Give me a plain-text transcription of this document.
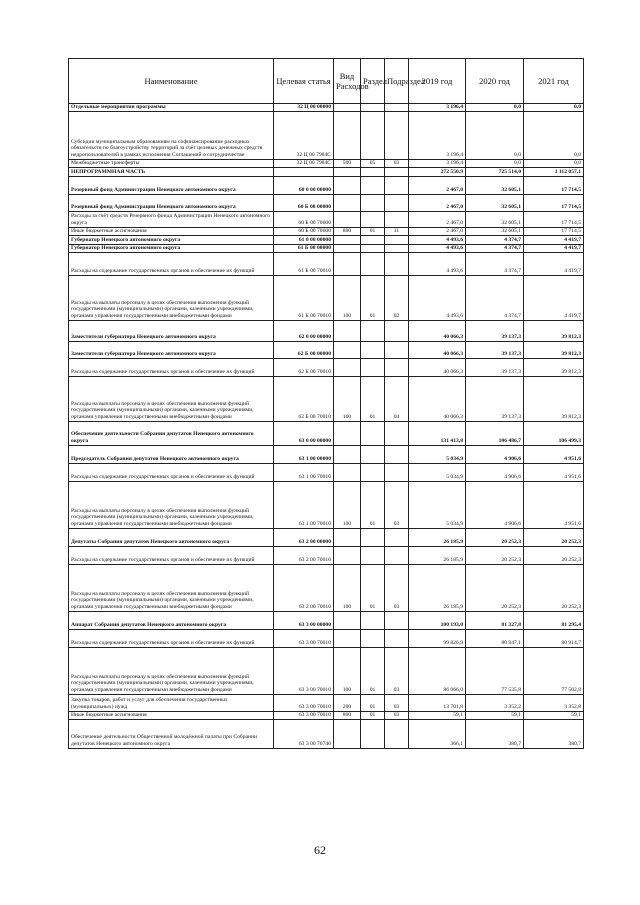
Наименование	Целевая статья	Вид Расходов	Раздел	Подраздел	2019 год	2020 год	2021 год
Отдельные мероприятия программы	32 Ц 00 00000				3 196,4	0,0	0,0
Субсидии муниципальным образованиям на софинансирование расходных обязательств по благоустройству территорий за счёт целевых денежных средств недропользователей в рамках исполнения Соглашений о сотрудничестве	32 Ц 00 7984С				3 196,4	0,0	0,0
Межбюджетные трансферты	32 Ц 00 7984С	500	05	03	3 196,4	0,0	0,0
НЕПРОГРАММНАЯ ЧАСТЬ					272 550,9	725 514,0	1 112 057,1
Резервный фонд Администрации Ненецкого автономного округа	60 0 00 00000				2 467,0	32 605,1	17 714,5
Резервный фонд Администрации Ненецкого автономного округа	60 Б 00 00000				2 467,0	32 605,1	17 714,5
Расходы за счёт средств Резервного фонда Администрации Ненецкого автономного округа	60 Б 00 70600				2 467,0	32 605,1	17 714,5
Иные бюджетные ассигнования	60 Б 00 70600	800	01	11	2 467,0	32 605,1	17 714,5
Губернатор Ненецкого автономного округа	61 0 00 00000				4 493,6	4 374,7	4 419,7
Губернатор Ненецкого автономного округа	61 Б 00 00000				4 493,6	4 374,7	4 419,7
Расходы на содержание государственных органов и обеспечение их функций	61 Б 00 70010				4 493,6	4 374,7	4 419,7
Расходы на выплаты персоналу в целях обеспечения выполнения функций государственными (муниципальными) органами, казенными учреждениями, органами управления государственными внебюджетными фондами	61 Б 00 70010	100	01	02	4 493,6	4 374,7	4 419,7
Заместители губернатора Ненецкого автономного округа	62 0 00 00000				40 066,3	39 137,3	39 812,3
Заместители губернатора Ненецкого автономного округа	62 Б 00 00000				40 066,3	39 137,3	39 812,3
Расходы на содержание государственных органов и обеспечение их функций	62 Б 00 70010				40 066,3	39 137,3	39 812,3
Расходы на выплаты персоналу в целях обеспечения выполнения функций государственными (муниципальными) органами, казенными учреждениями, органами управления государственными внебюджетными фондами	62 Б 00 70010	100	01	04	40 066,3	39 137,3	39 812,3
Обеспечение деятельности Собрания депутатов Ненецкого автономного округа	63 0 00 00000				131 413,8	106 486,7	106 499,3
Председатель Собрания депутатов Ненецкого автономного округа	63 1 00 00000				5 034,9	4 906,6	4 951,6
Расходы на содержание государственных органов и обеспечение их функций	63 1 00 70010				5 034,9	4 906,6	4 951,6
Расходы на выплаты персоналу в целях обеспечения выполнения функций государственными (муниципальными) органами, казенными учреждениями, органами управления государственными внебюджетными фондами	63 1 00 70010	100	01	03	5 034,9	4 906,6	4 951,6
Депутаты Собрания депутатов Ненецкого автономного округа	63 2 00 00000				26 185,9	20 252,3	20 252,3
Расходы на содержание государственных органов и обеспечение их функций	63 2 00 70010				26 185,9	20 252,3	20 252,3
Расходы на выплаты персоналу в целях обеспечения выполнения функций государственными (муниципальными) органами, казенными учреждениями, органами управления государственными внебюджетными фондами	63 2 00 70010	100	01	03	26 185,9	20 252,3	20 252,3
Аппарат Собрания депутатов Ненецкого автономного округа	63 3 00 00000				100 193,0	81 327,8	81 295,4
Расходы на содержание государственных органов и обеспечение их функций	63 3 00 70010				99 826,9	80 947,1	80 914,7
Расходы на выплаты персоналу в целях обеспечения выполнения функций государственными (муниципальными) органами, казенными учреждениями, органами управления государственными внебюджетными фондами	63 3 00 70010	100	01	03	86 066,0	77 535,8	77 502,8
Закупка товаров, работ и услуг для обеспечения государственных (муниципальных) нужд	63 3 00 70010	200	01	03	13 701,8	3 352,2	3 352,8
Иные бюджетные ассигнования	63 3 00 70010	800	01	03	59,1	59,1	59,1
Обеспечение деятельности Общественной молодёжной палаты при Собрании депутатов Ненецкого автономного округа	63 3 00 70740				366,1	380,7	380,7
62
